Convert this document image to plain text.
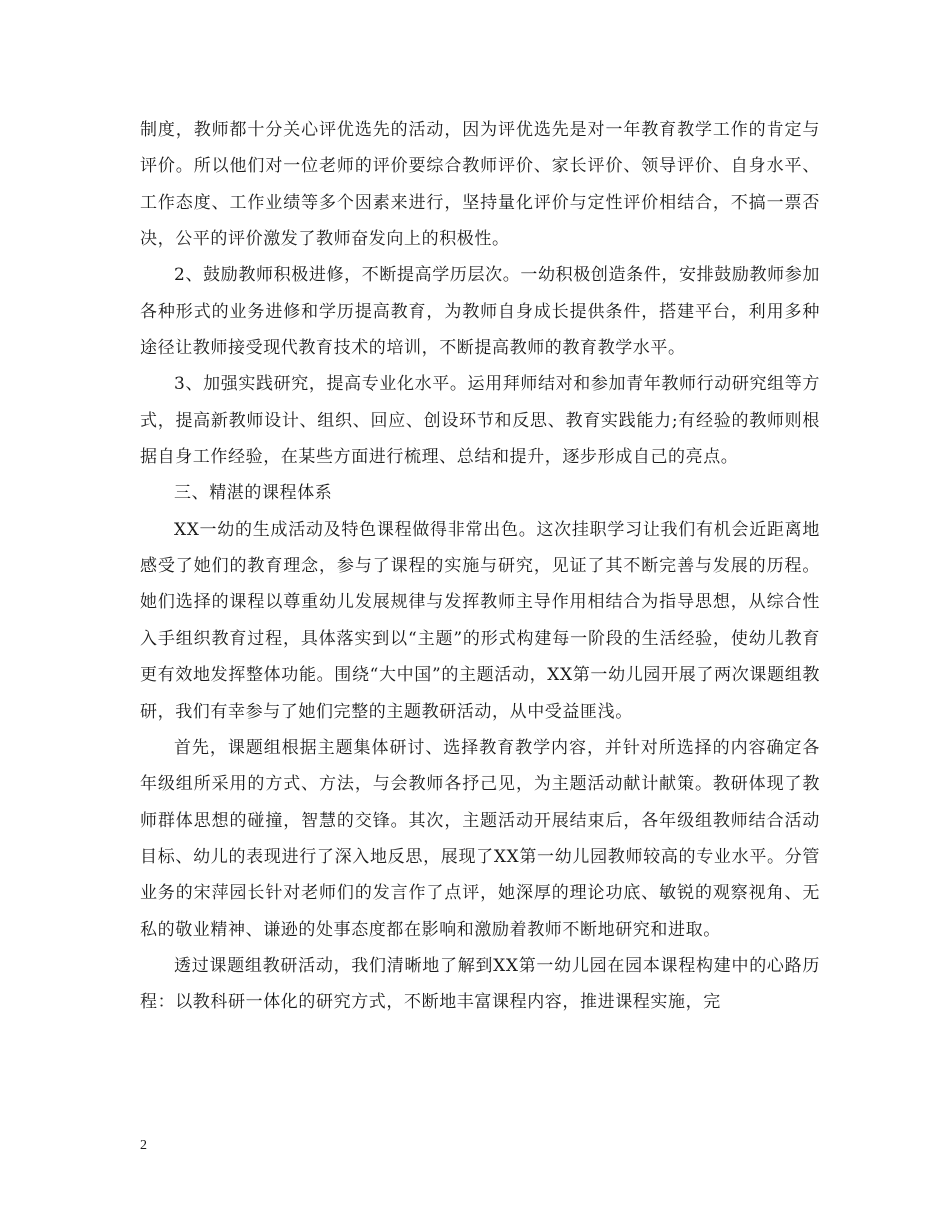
制度，教师都十分关心评优选先的活动，因为评优选先是对一年教育教学工作的肯定与评价。所以他们对一位老师的评价要综合教师评价、家长评价、领导评价、自身水平、工作态度、工作业绩等多个因素来进行，坚持量化评价与定性评价相结合，不搞一票否决，公平的评价激发了教师奋发向上的积极性。

2、鼓励教师积极进修，不断提高学历层次。一幼积极创造条件，安排鼓励教师参加各种形式的业务进修和学历提高教育，为教师自身成长提供条件，搭建平台，利用多种途径让教师接受现代教育技术的培训，不断提高教师的教育教学水平。

3、加强实践研究，提高专业化水平。运用拜师结对和参加青年教师行动研究组等方式，提高新教师设计、组织、回应、创设环节和反思、教育实践能力;有经验的教师则根据自身工作经验，在某些方面进行梳理、总结和提升，逐步形成自己的亮点。

三、精湛的课程体系

XX一幼的生成活动及特色课程做得非常出色。这次挂职学习让我们有机会近距离地感受了她们的教育理念，参与了课程的实施与研究，见证了其不断完善与发展的历程。她们选择的课程以尊重幼儿发展规律与发挥教师主导作用相结合为指导思想，从综合性入手组织教育过程，具体落实到以“主题”的形式构建每一阶段的生活经验，使幼儿教育更有效地发挥整体功能。围绕“大中国”的主题活动，XX第一幼儿园开展了两次课题组教研，我们有幸参与了她们完整的主题教研活动，从中受益匪浅。

首先，课题组根据主题集体研讨、选择教育教学内容，并针对所选择的内容确定各年级组所采用的方式、方法，与会教师各抒己见，为主题活动献计献策。教研体现了教师群体思想的碰撞，智慧的交锋。其次，主题活动开展结束后，各年级组教师结合活动目标、幼儿的表现进行了深入地反思，展现了XX第一幼儿园教师较高的专业水平。分管业务的宋萍园长针对老师们的发言作了点评，她深厚的理论功底、敏锐的观察视角、无私的敬业精神、谦逊的处事态度都在影响和激励着教师不断地研究和进取。

透过课题组教研活动，我们清晰地了解到XX第一幼儿园在园本课程构建中的心路历程：以教科研一体化的研究方式，不断地丰富课程内容，推进课程实施，完

2
